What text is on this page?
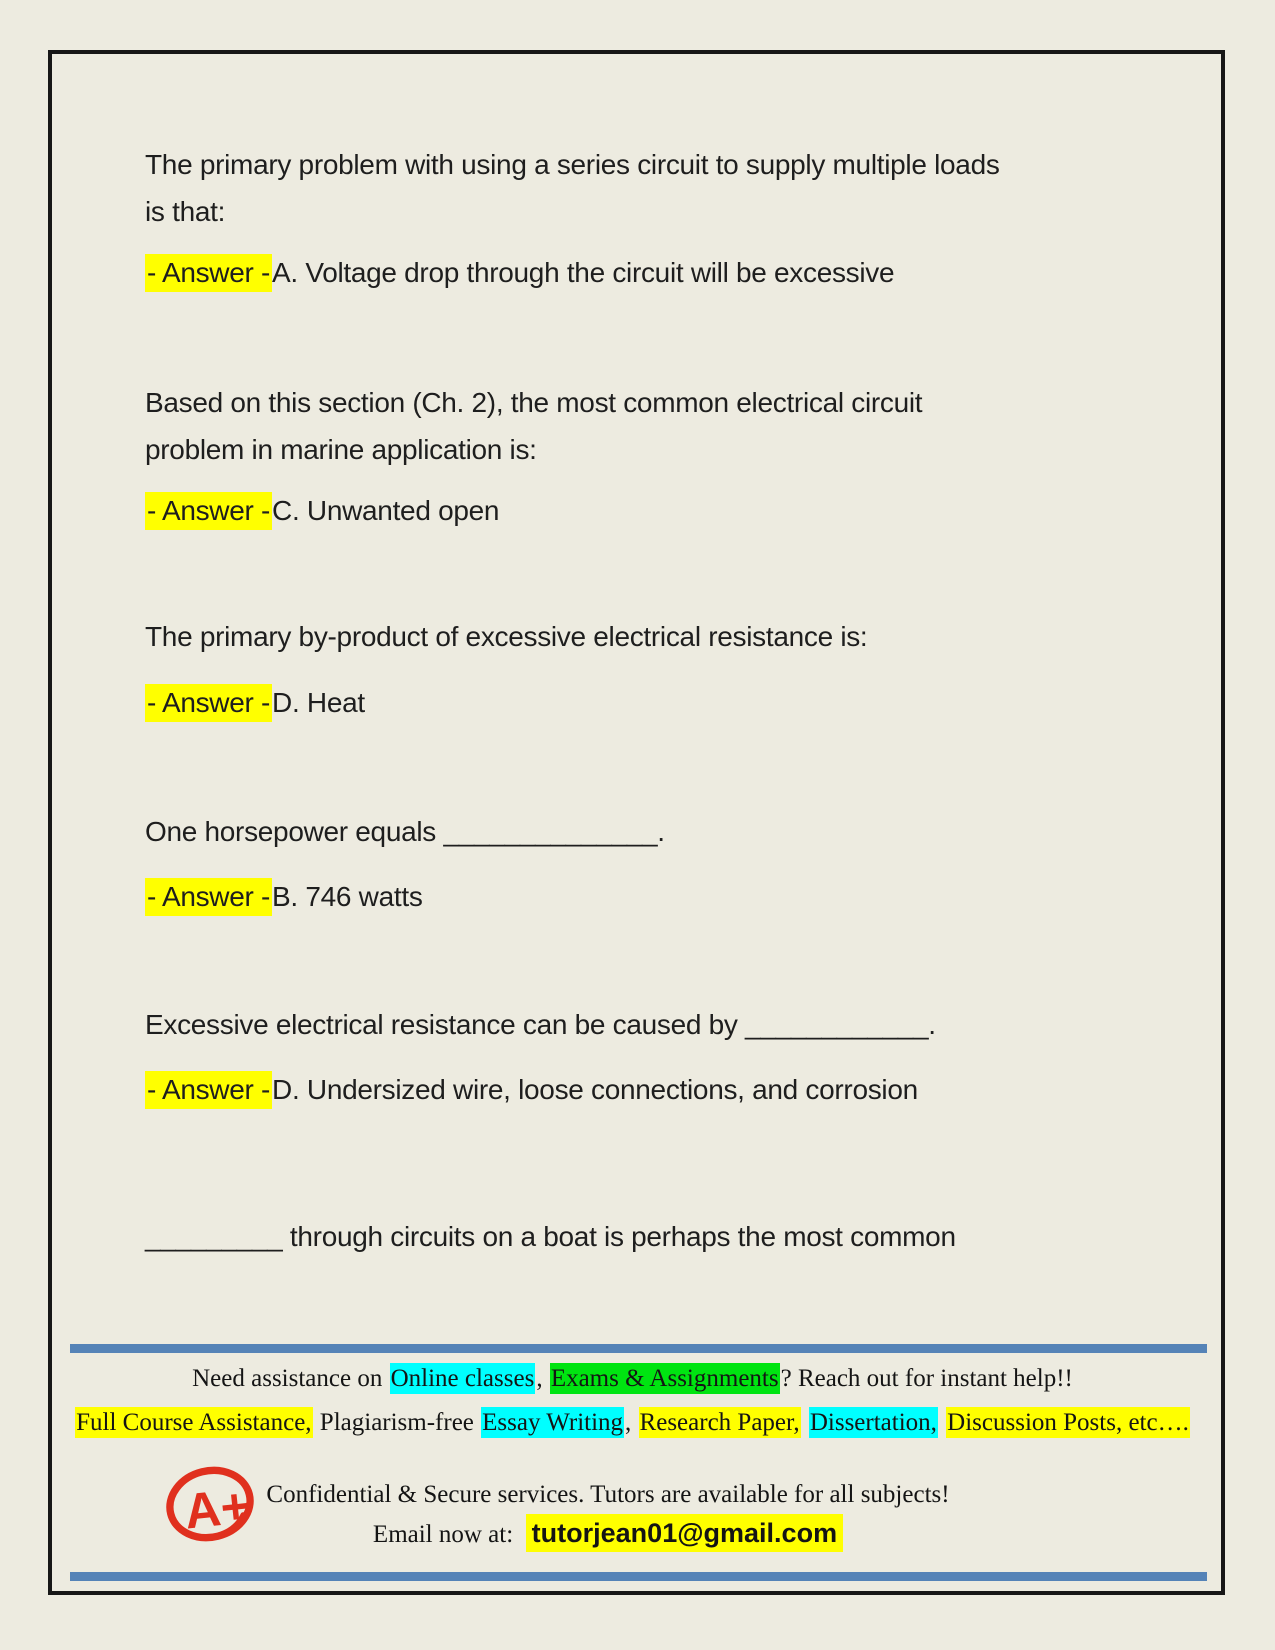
The primary problem with using a series circuit to supply multiple loads
is that:
- Answer -A. Voltage drop through the circuit will be excessive
Based on this section (Ch. 2), the most common electrical circuit
problem in marine application is:
- Answer -C. Unwanted open
The primary by-product of excessive electrical resistance is:
- Answer -D. Heat
One horsepower equals ______________.
- Answer -B. 746 watts
Excessive electrical resistance can be caused by ____________.
- Answer -D. Undersized wire, loose connections, and corrosion
_________ through circuits on a boat is perhaps the most common
Need assistance on Online classes, Exams & Assignments? Reach out for instant help!!
Full Course Assistance, Plagiarism-free Essay Writing, Research Paper, Dissertation, Discussion Posts, etc….
Confidential & Secure services. Tutors are available for all subjects!
Email now at: tutorjean01@gmail.com
A+
